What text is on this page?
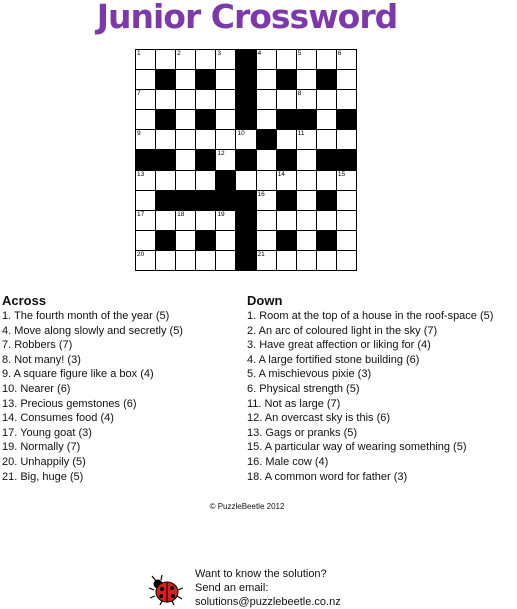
Junior Crossword
1	2	3	4	5	6
7	8
9	10	11
12
13	14	15
16
17	18	19
20	21
Across
1. The fourth month of the year (5)
4. Move along slowly and secretly (5)
7. Robbers (7)
8. Not many! (3)
9. A square figure like a box (4)
10. Nearer (6)
13. Precious gemstones (6)
14. Consumes food (4)
17. Young goat (3)
19. Normally (7)
20. Unhappily (5)
21. Big, huge (5)
Down
1. Room at the top of a house in the roof-space (5)
2. An arc of coloured light in the sky (7)
3. Have great affection or liking for (4)
4. A large fortified stone building (6)
5. A mischievous pixie (3)
6. Physical strength (5)
11. Not as large (7)
12. An overcast sky is this (6)
13. Gags or pranks (5)
15. A particular way of wearing something (5)
16. Male cow (4)
18. A common word for father (3)
© PuzzleBeetle 2012
Want to know the solution?
Send an email:
solutions@puzzlebeetle.co.nz
